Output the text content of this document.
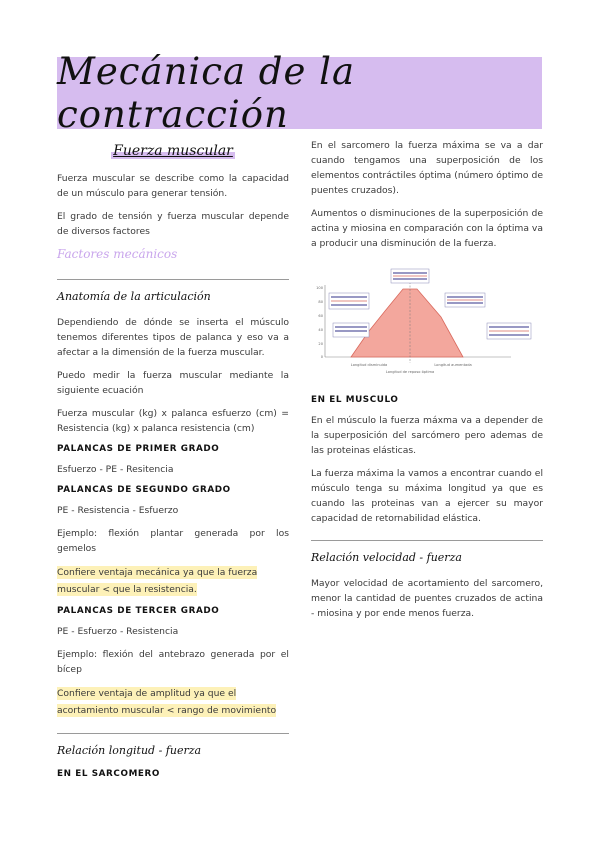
Mecánica de la contracción
Fuerza muscular

Fuerza muscular se describe como la capacidad de un músculo para generar tensión.

El grado de tensión y fuerza muscular depende de diversos factores

Factores mecánicos
Anatomía de la articulación

Dependiendo de dónde se inserta el músculo tenemos diferentes tipos de palanca y eso va a afectar a la dimensión de la fuerza muscular.

Puedo medir la fuerza muscular mediante la siguiente ecuación

Fuerza muscular (kg) x palanca esfuerzo (cm) = Resistencia (kg) x palanca resistencia (cm)

PALANCAS DE PRIMER GRADO

Esfuerzo - PE - Resitencia

PALANCAS DE SEGUNDO GRADO

PE - Resistencia - Esfuerzo

Ejemplo: flexión plantar generada por los gemelos

Confiere ventaja mecánica ya que la fuerza muscular < que la resistencia.

PALANCAS DE TERCER GRADO

PE - Esfuerzo - Resistencia

Ejemplo: flexión del antebrazo generada por el bícep

Confiere ventaja de amplitud ya que el acortamiento muscular < rango de movimiento

Relación longitud - fuerza
EN EL SARCOMERO

En el sarcomero la fuerza máxima se va a dar cuando tengamos una superposición de los elementos contráctiles óptima (número óptimo de puentes cruzados).

Aumentos o disminuciones de la superposición de actina y miosina en comparación con la óptima va a producir una disminución de la fuerza.

100
80
60
40
20
0
Longitud disminuida
Longitud de reposo óptima
Longitud aumentada
EN EL MUSCULO

En el músculo la fuerza máxma va a depender de la superposición del sarcómero pero ademas de las proteinas elásticas.

La fuerza máxima la vamos a encontrar cuando el músculo tenga su máxima longitud ya que es cuando las proteinas van a ejercer su mayor capacidad de retornabilidad elástica.

Relación velocidad - fuerza

Mayor velocidad de acortamiento del sarcomero, menor la cantidad de puentes cruzados de actina - miosina y por ende menos fuerza.
